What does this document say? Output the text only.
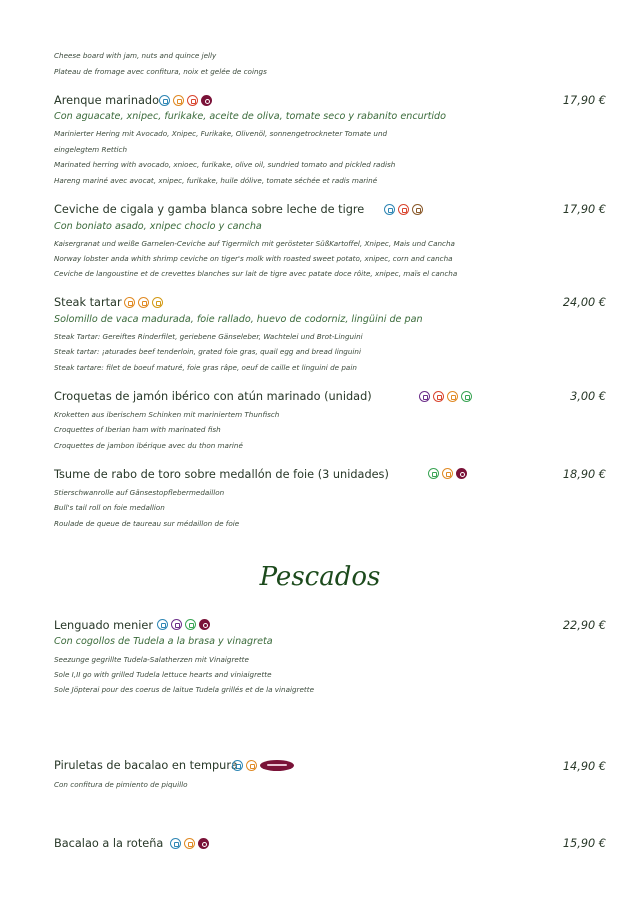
Cheese board with jam, nuts and quince jelly
Plateau de fromage avec confitura, noix et gelée de coings
Arenque marinado	17,90 €
Con aguacate, xnipec, furikake, aceite de oliva, tomate seco y rabanito encurtido
Marinierter Hering mit Avocado, Xnipec, Furikake, Olivenöl, sonnengetrockneter Tomate und
eingelegtem Rettich
Marinated herring with avocado, xnioec, furikake, olive oil, sundried tomato and pickled radish
Hareng mariné avec avocat, xnipec, furikake, huile dólive, tomate séchée et radis mariné
Ceviche de cigala y gamba blanca sobre leche de tigre	17,90 €
Con boniato asado, xnipec choclo y cancha
Kaisergranat und weiße Garnelen-Ceviche auf Tigermilch mit gerösteter SüßKartoffel, Xnipec, Mais und Cancha
Norway lobster anda whith shrimp ceviche on tiger's molk with roasted sweet potato, xnipec, corn and cancha
Ceviche de langoustine et de crevettes blanches sur lait de tigre avec patate doce rôite, xnipec, maïs el cancha
Steak tartar	24,00 €
Solomillo de vaca madurada, foie rallado, huevo de codorniz, lingüini de pan
Steak Tartar: Gereiftes Rinderfilet, geriebene Gänseleber, Wachtelei und Brot-Linguini
Steak tartar: ¡aturades beef tenderloin, grated foie gras, quail egg and bread linguini
Steak tartare: filet de boeuf maturé, foie gras râpe, oeuf de caille et linguini de pain
Croquetas de jamón ibérico con atún marinado (unidad)	3,00 €
Kroketten aus iberischem Schinken mit mariniertem Thunfisch
Croquettes of Iberian ham with marinated fish
Croquettes de jambon ibérique avec du thon mariné
Tsume de rabo de toro sobre medallón de foie (3 unidades)	18,90 €
Stierschwanrolle auf Gänsestopflebermedaillon
Bull's tail roll on foie medallion
Roulade de queue de taureau sur médaillon de foie
Pescados
Lenguado menier	22,90 €
Con cogollos de Tudela a la brasa y vinagreta
Seezunge gegrillte Tudela-Salatherzen mit Vinaigrette
Sole I,II go with grilled Tudela lettuce hearts and viniaigrette
Sole Jöpterai pour des coerus de laitue Tudela grillés et de la vinaigrette
Piruletas de bacalao en tempura	14,90 €
Con confitura de pimiento de piquillo
Bacalao a la roteña	15,90 €
